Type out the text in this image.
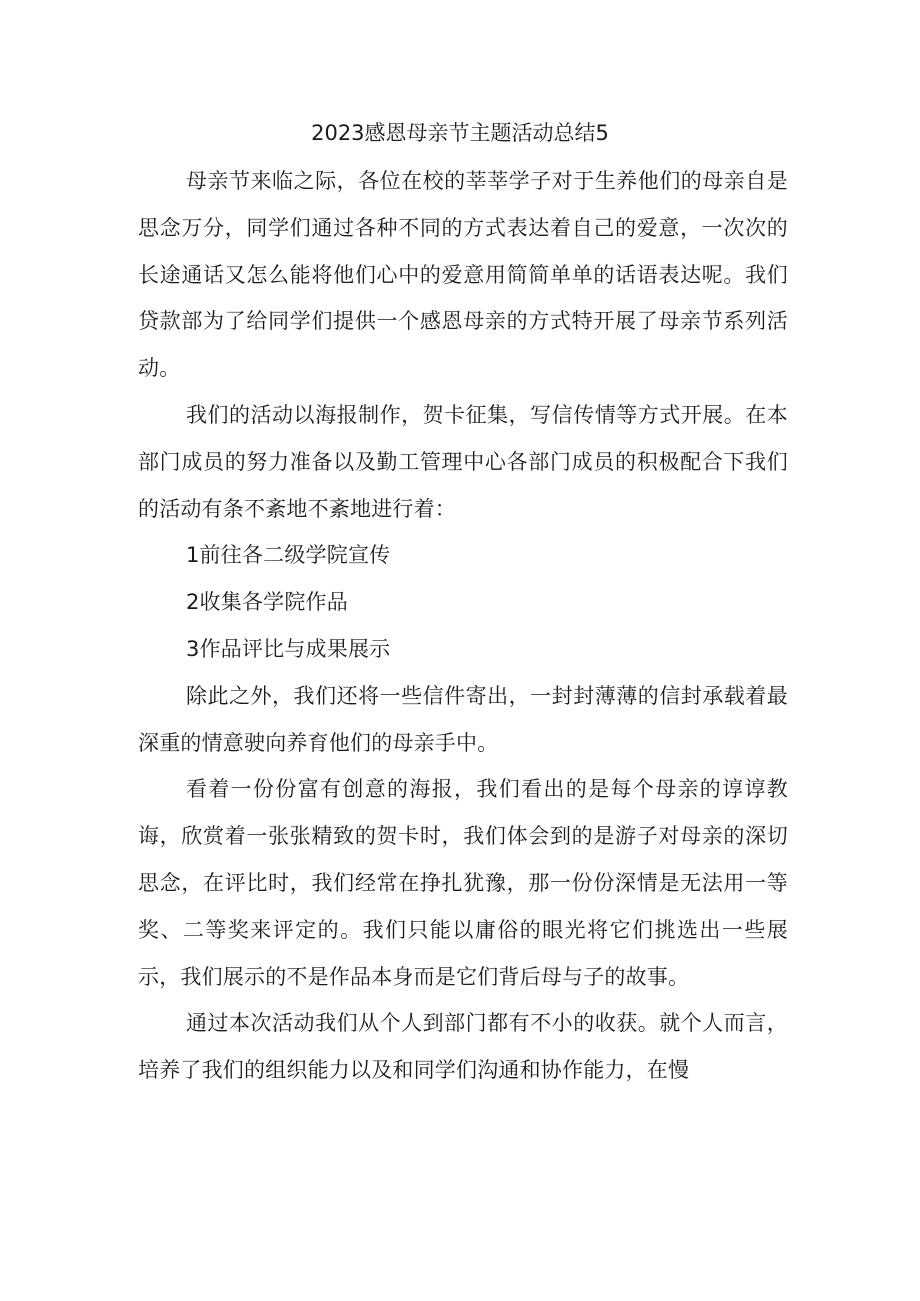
2023感恩母亲节主题活动总结5

母亲节来临之际，各位在校的莘莘学子对于生养他们的母亲自是思念万分，同学们通过各种不同的方式表达着自己的爱意，一次次的长途通话又怎么能将他们心中的爱意用简简单单的话语表达呢。我们贷款部为了给同学们提供一个感恩母亲的方式特开展了母亲节系列活动。

我们的活动以海报制作，贺卡征集，写信传情等方式开展。在本部门成员的努力准备以及勤工管理中心各部门成员的积极配合下我们的活动有条不紊地不紊地进行着：

1前往各二级学院宣传

2收集各学院作品

3作品评比与成果展示

除此之外，我们还将一些信件寄出，一封封薄薄的信封承载着最深重的情意驶向养育他们的母亲手中。

看着一份份富有创意的海报，我们看出的是每个母亲的谆谆教诲，欣赏着一张张精致的贺卡时，我们体会到的是游子对母亲的深切思念，在评比时，我们经常在挣扎犹豫，那一份份深情是无法用一等奖、二等奖来评定的。我们只能以庸俗的眼光将它们挑选出一些展示，我们展示的不是作品本身而是它们背后母与子的故事。

通过本次活动我们从个人到部门都有不小的收获。就个人而言，培养了我们的组织能力以及和同学们沟通和协作能力，在慢
